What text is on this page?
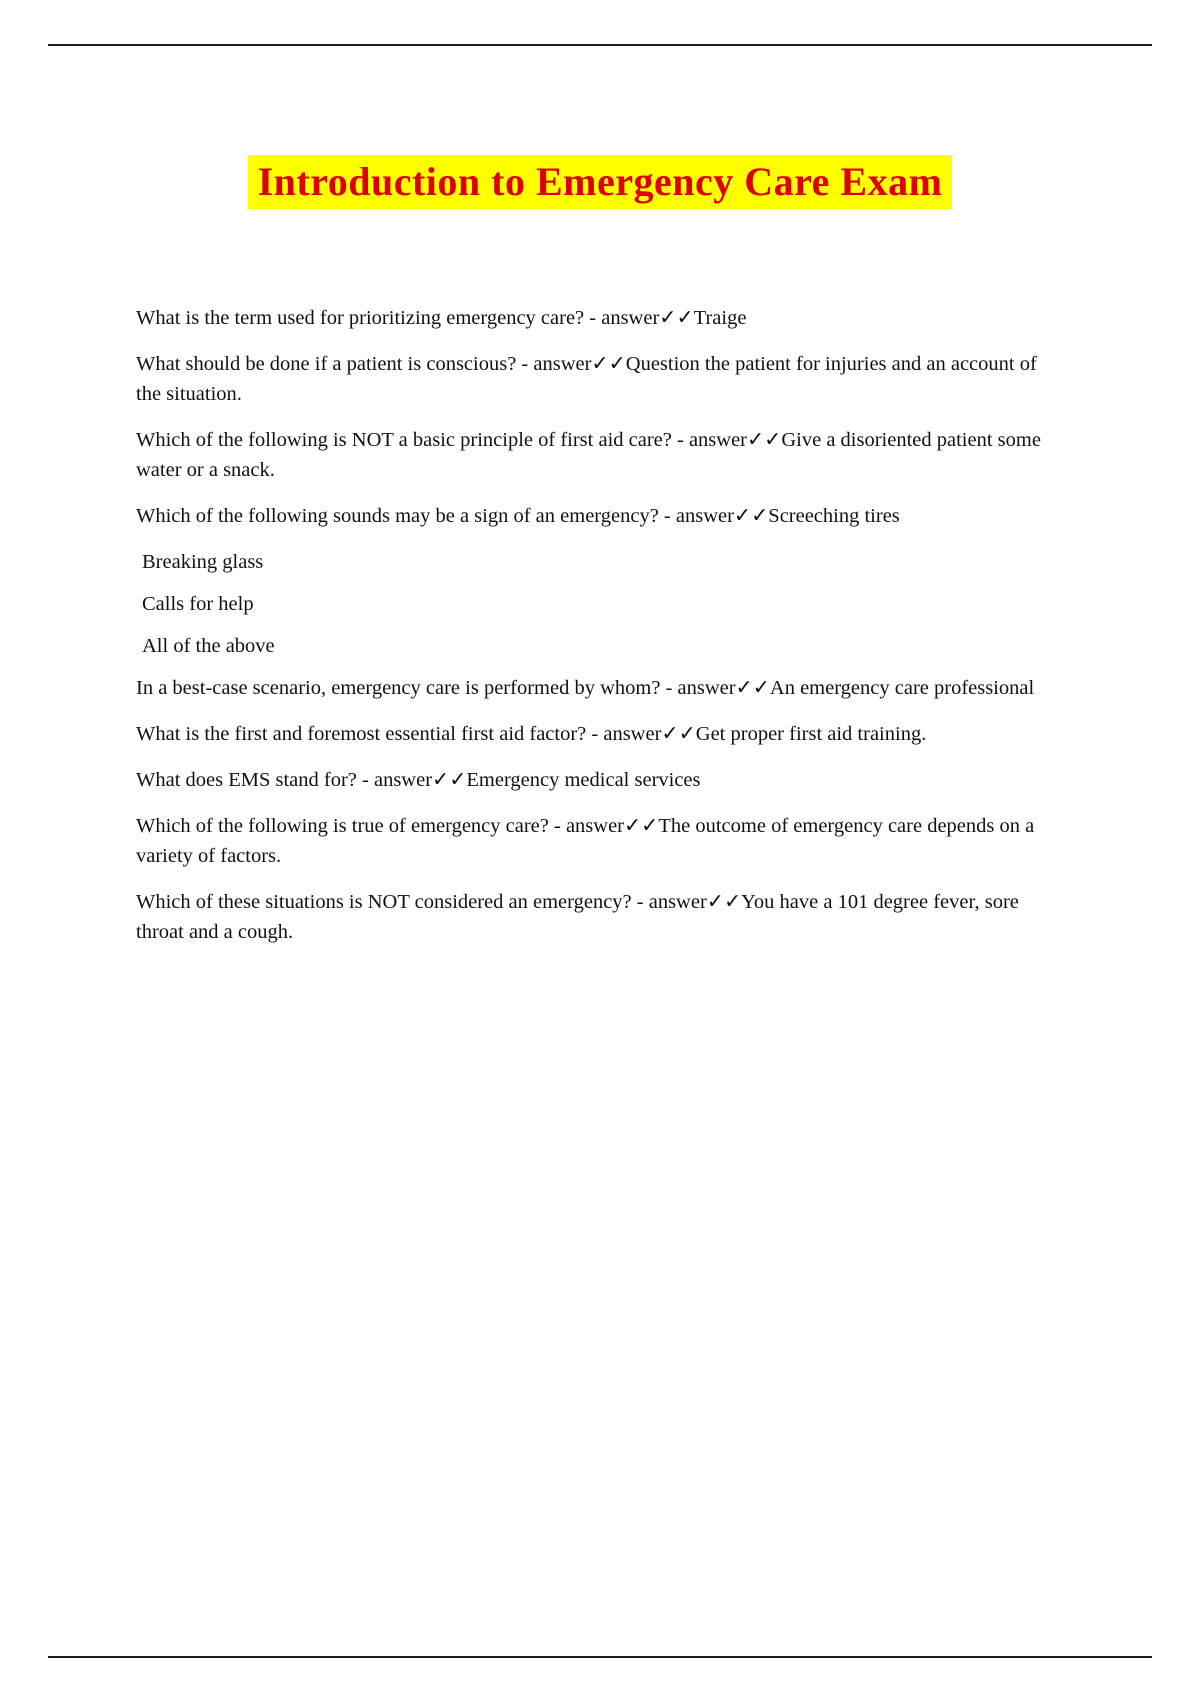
Introduction to Emergency Care Exam

What is the term used for prioritizing emergency care? - answer✓✓Traige

What should be done if a patient is conscious? - answer✓✓Question the patient for injuries and an account of the situation.

Which of the following is NOT a basic principle of first aid care? - answer✓✓Give a disoriented patient some water or a snack.

Which of the following sounds may be a sign of an emergency? - answer✓✓Screeching tires

Breaking glass

Calls for help

All of the above

In a best-case scenario, emergency care is performed by whom? - answer✓✓An emergency care professional

What is the first and foremost essential first aid factor? - answer✓✓Get proper first aid training.

What does EMS stand for? - answer✓✓Emergency medical services

Which of the following is true of emergency care? - answer✓✓The outcome of emergency care depends on a variety of factors.

Which of these situations is NOT considered an emergency? - answer✓✓You have a 101 degree fever, sore throat and a cough.
